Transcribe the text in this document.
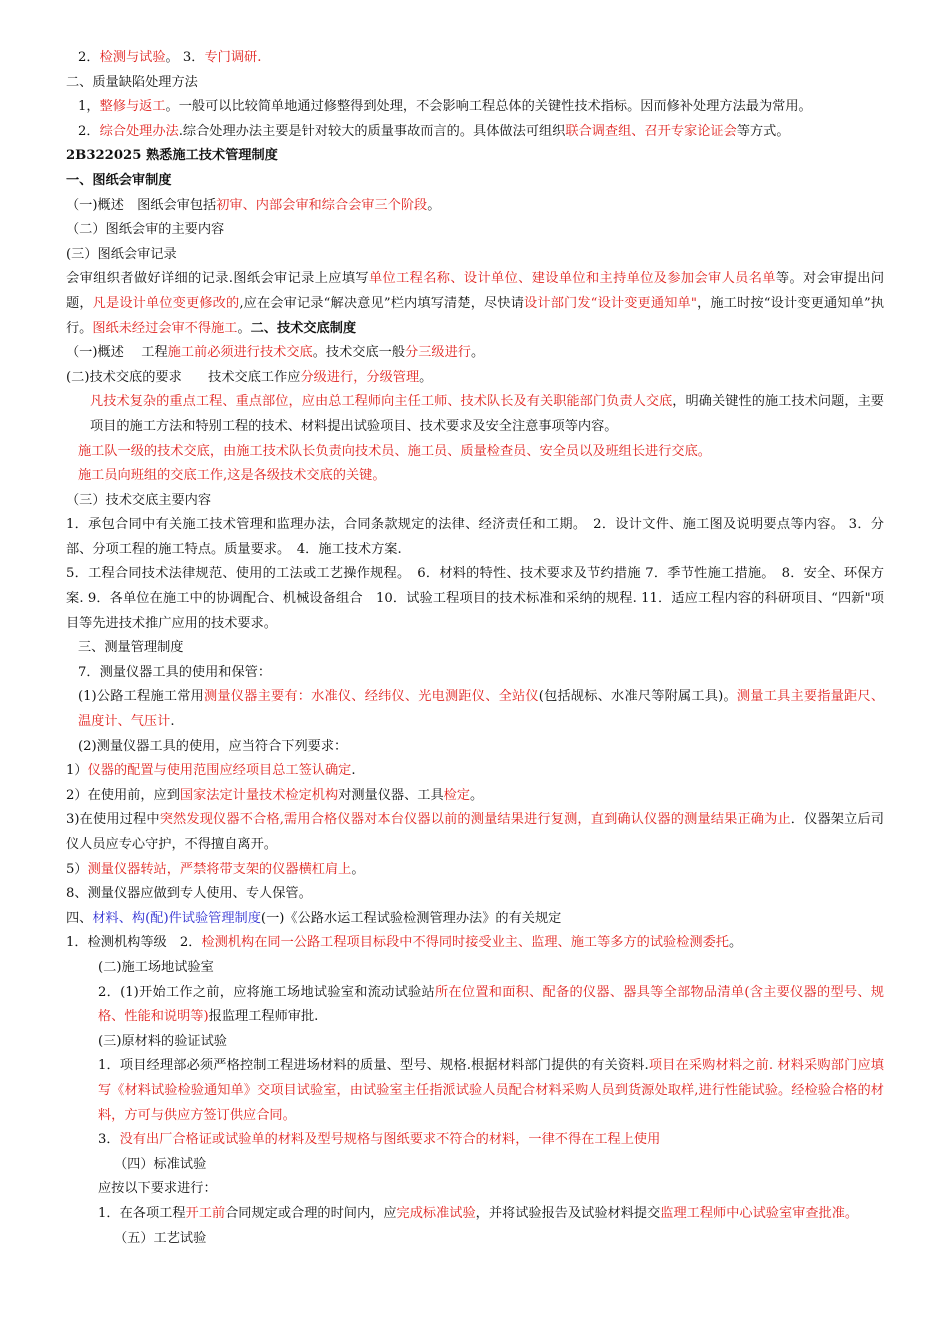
2．检测与试验。 3．专门调研.
二、质量缺陷处理方法
1，整修与返工。一般可以比较简单地通过修整得到处理，不会影响工程总体的关键性技术指标。因而修补处理方法最为常用。
2．综合处理办法.综合处理办法主要是针对较大的质量事故而言的。具体做法可组织联合调查组、召开专家论证会等方式。
2B322025 熟悉施工技术管理制度
一、图纸会审制度
（一)概述　图纸会审包括初审、内部会审和综合会审三个阶段。
（二）图纸会审的主要内容
(三）图纸会审记录
会审组织者做好详细的记录.图纸会审记录上应填写单位工程名称、设计单位、建设单位和主持单位及参加会审人员名单等。对会审提出问题，凡是设计单位变更修改的,应在会审记录“解决意见”栏内填写清楚，尽快请设计部门发“设计变更通知单"，施工时按“设计变更通知单”执行。图纸未经过会审不得施工。二、技术交底制度
（一)概述　 工程施工前必须进行技术交底。技术交底一般分三级进行。
(二)技术交底的要求　　技术交底工作应分级进行，分级管理。
凡技术复杂的重点工程、重点部位，应由总工程师向主任工师、技术队长及有关职能部门负责人交底，明确关键性的施工技术问题，主要项目的施工方法和特别工程的技术、材料提出试验项目、技术要求及安全注意事项等内容。
施工队一级的技术交底，由施工技术队长负责向技术员、施工员、质量检查员、安全员以及班组长进行交底。
施工员向班组的交底工作,这是各级技术交底的关键。
（三）技术交底主要内容
1．承包合同中有关施工技术管理和监理办法，合同条款规定的法律、经济责任和工期。　2．设计文件、施工图及说明要点等内容。 3．分部、分项工程的施工特点。质量要求。　4．施工技术方案.
5．工程合同技术法律规范、使用的工法或工艺操作规程。　6．材料的特性、技术要求及节约措施 7．季节性施工措施。　8．安全、环保方案. 9．各单位在施工中的协调配合、机械设备组合　10．试验工程项目的技术标准和采纳的规程. 11．适应工程内容的科研项目、“四新"项目等先进技术推广应用的技术要求。
三、测量管理制度
7．测量仪器工具的使用和保管：
(1)公路工程施工常用测量仪器主要有：水准仪、经纬仪、光电测距仪、全站仪(包括觇标、水准尺等附属工具)。测量工具主要指量距尺、温度计、气压计.
(2)测量仪器工具的使用，应当符合下列要求：
1）仪器的配置与使用范围应经项目总工签认确定.
2）在使用前，应到国家法定计量技术检定机构对测量仪器、工具检定。
3)在使用过程中突然发现仪器不合格,需用合格仪器对本台仪器以前的测量结果进行复测，直到确认仪器的测量结果正确为止．仪器架立后司仪人员应专心守护，不得擅自离开。
5）测量仪器转站，严禁将带支架的仪器横杠肩上。
8、测量仪器应做到专人使用、专人保管。
四、材料、构(配)件试验管理制度(一)《公路水运工程试验检测管理办法》的有关规定
1．检测机构等级　2．检测机构在同一公路工程项目标段中不得同时接受业主、监理、施工等多方的试验检测委托。
(二)施工场地试验室
2．(1)开始工作之前，应将施工场地试验室和流动试验站所在位置和面积、配备的仪器、器具等全部物品清单(含主要仪器的型号、规格、性能和说明等)报监理工程师审批.
(三)原材料的验证试验
1．项目经理部必须严格控制工程进场材料的质量、型号、规格.根据材料部门提供的有关资料.项目在采购材料之前. 材料采购部门应填写《材料试验检验通知单》交项目试验室，由试验室主任指派试验人员配合材料采购人员到货源处取样,进行性能试验。经检验合格的材料，方可与供应方签订供应合同。
3．没有出厂合格证或试验单的材料及型号规格与图纸要求不符合的材料，一律不得在工程上使用
（四）标准试验
应按以下要求进行：
1．在各项工程开工前合同规定或合理的时间内，应完成标准试验，并将试验报告及试验材料提交监理工程师中心试验室审查批准。
（五）工艺试验
